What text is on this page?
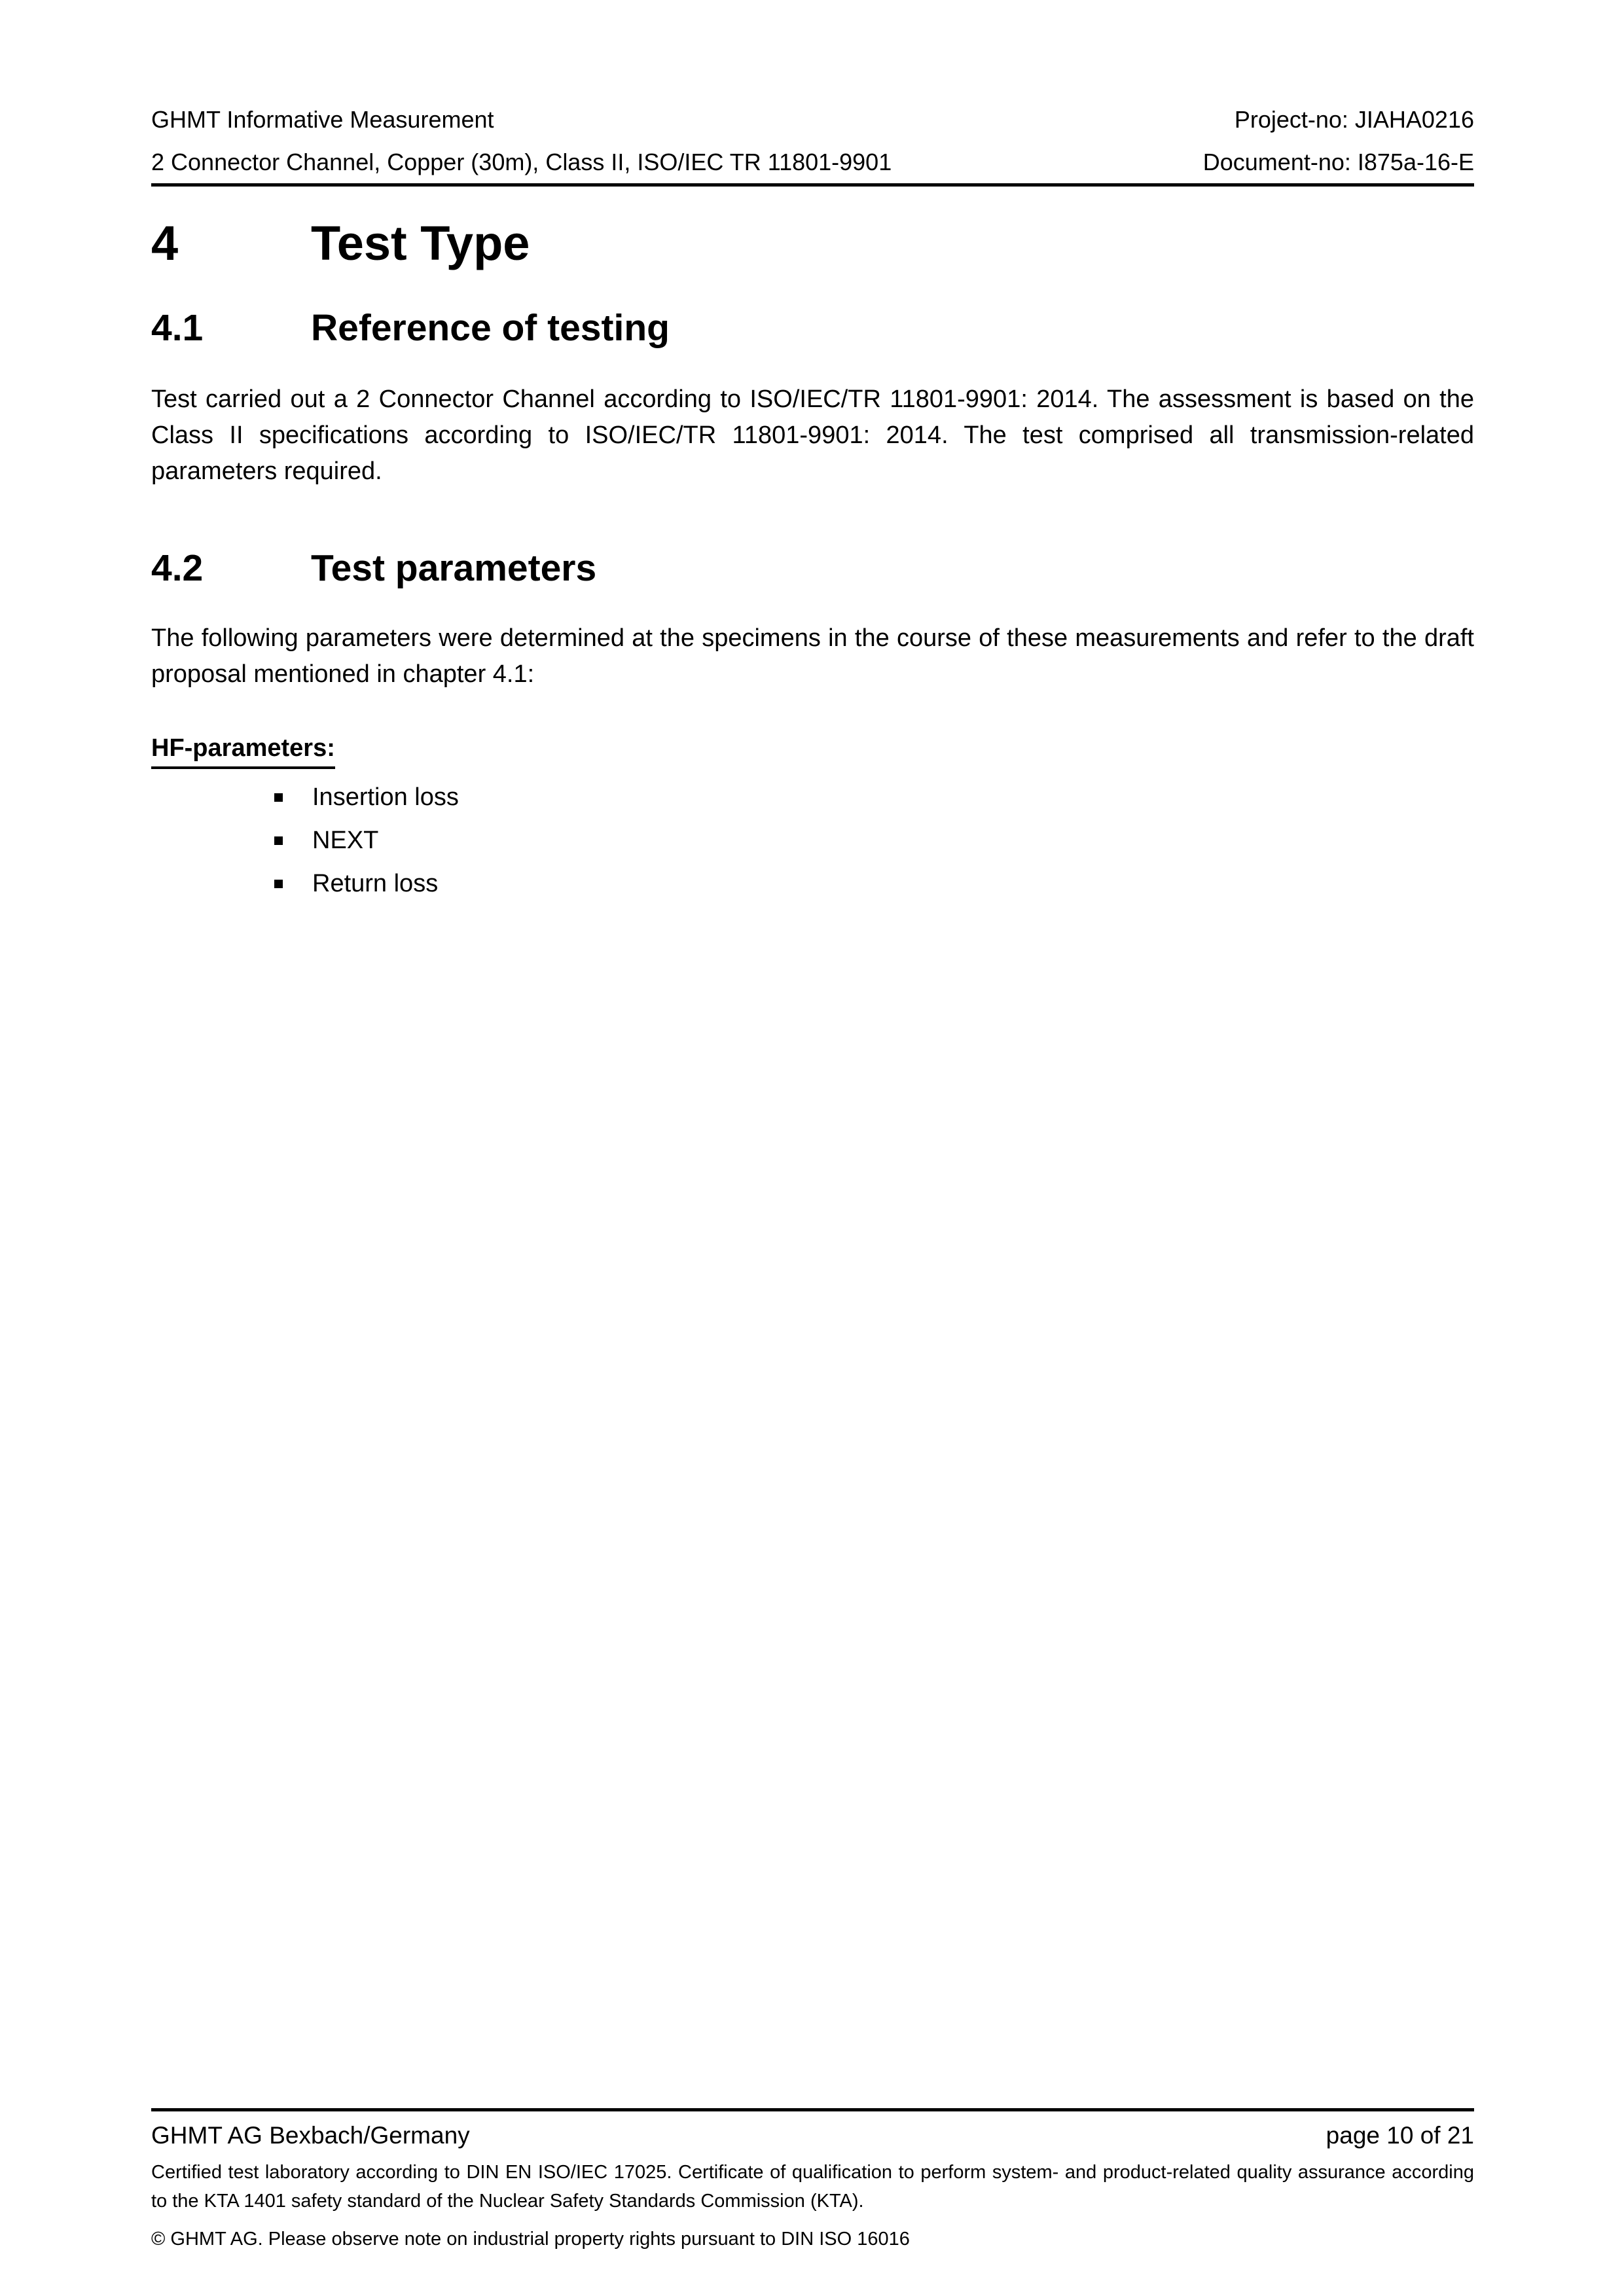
GHMT Informative Measurement	Project-no: JIAHA0216
2 Connector Channel, Copper (30m), Class II, ISO/IEC TR 11801-9901	Document-no: I875a-16-E
4	Test Type
4.1	Reference of testing

Test carried out a 2 Connector Channel according to ISO/IEC/TR 11801-9901: 2014. The assessment is based on the Class II specifications according to ISO/IEC/TR 11801-9901: 2014. The test comprised all transmission-related parameters required.

4.2	Test parameters

The following parameters were determined at the specimens in the course of these measurements and refer to the draft proposal mentioned in chapter 4.1:

HF-parameters:
Insertion loss
NEXT
Return loss
GHMT AG Bexbach/Germany	page 10 of 21
Certified test laboratory according to DIN EN ISO/IEC 17025. Certificate of qualification to perform system- and product-related quality assurance according to the KTA 1401 safety standard of the Nuclear Safety Standards Commission (KTA).
© GHMT AG. Please observe note on industrial property rights pursuant to DIN ISO 16016
